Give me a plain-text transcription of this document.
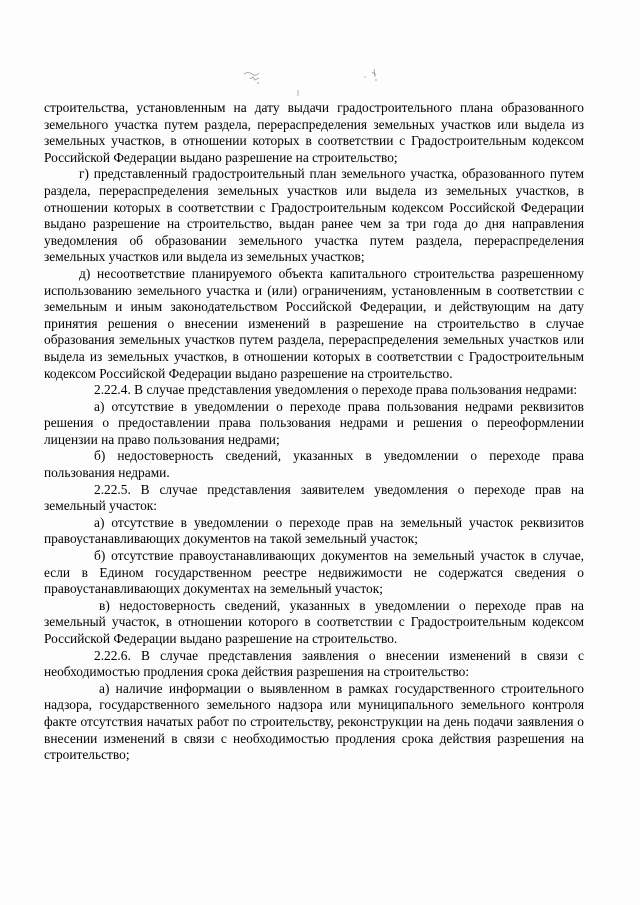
строительства, установленным на дату выдачи градостроительного плана образованного земельного участка путем раздела, перераспределения земельных участков или выдела из земельных участков, в отношении которых в соответствии с Градостроительным кодексом Российской Федерации выдано разрешение на строительство;

г) представленный градостроительный план земельного участка, образованного путем раздела, перераспределения земельных участков или выдела из земельных участков, в отношении которых в соответствии с Градостроительным кодексом Российской Федерации выдано разрешение на строительство, выдан ранее чем за три года до дня направления уведомления об образовании земельного участка путем раздела, перераспределения земельных участков или выдела из земельных участков;

д) несоответствие планируемого объекта капитального строительства разрешенному использованию земельного участка и (или) ограничениям, установленным в соответствии с земельным и иным законодательством Российской Федерации, и действующим на дату принятия решения о внесении изменений в разрешение на строительство в случае образования земельных участков путем раздела, перераспределения земельных участков или выдела из земельных участков, в отношении которых в соответствии с Градостроительным кодексом Российской Федерации выдано разрешение на строительство.

2.22.4. В случае представления уведомления о переходе права пользования недрами:

а) отсутствие в уведомлении о переходе права пользования недрами реквизитов решения о предоставлении права пользования недрами и решения о переоформлении лицензии на право пользования недрами;

б) недостоверность сведений, указанных в уведомлении о переходе права пользования недрами.

2.22.5. В случае представления заявителем уведомления о переходе прав на земельный участок:

а) отсутствие в уведомлении о переходе прав на земельный участок реквизитов правоустанавливающих документов на такой земельный участок;

б) отсутствие правоустанавливающих документов на земельный участок в случае, если в Едином государственном реестре недвижимости не содержатся сведения о правоустанавливающих документах на земельный участок;

в) недостоверность сведений, указанных в уведомлении о переходе прав на земельный участок, в отношении которого в соответствии с Градостроительным кодексом Российской Федерации выдано разрешение на строительство.

2.22.6. В случае представления заявления о внесении изменений в связи с необходимостью продления срока действия разрешения на строительство:

а) наличие информации о выявленном в рамках государственного строительного надзора, государственного земельного надзора или муниципального земельного контроля факте отсутствия начатых работ по строительству, реконструкции на день подачи заявления о внесении изменений в связи с необходимостью продления срока действия разрешения на строительство;
